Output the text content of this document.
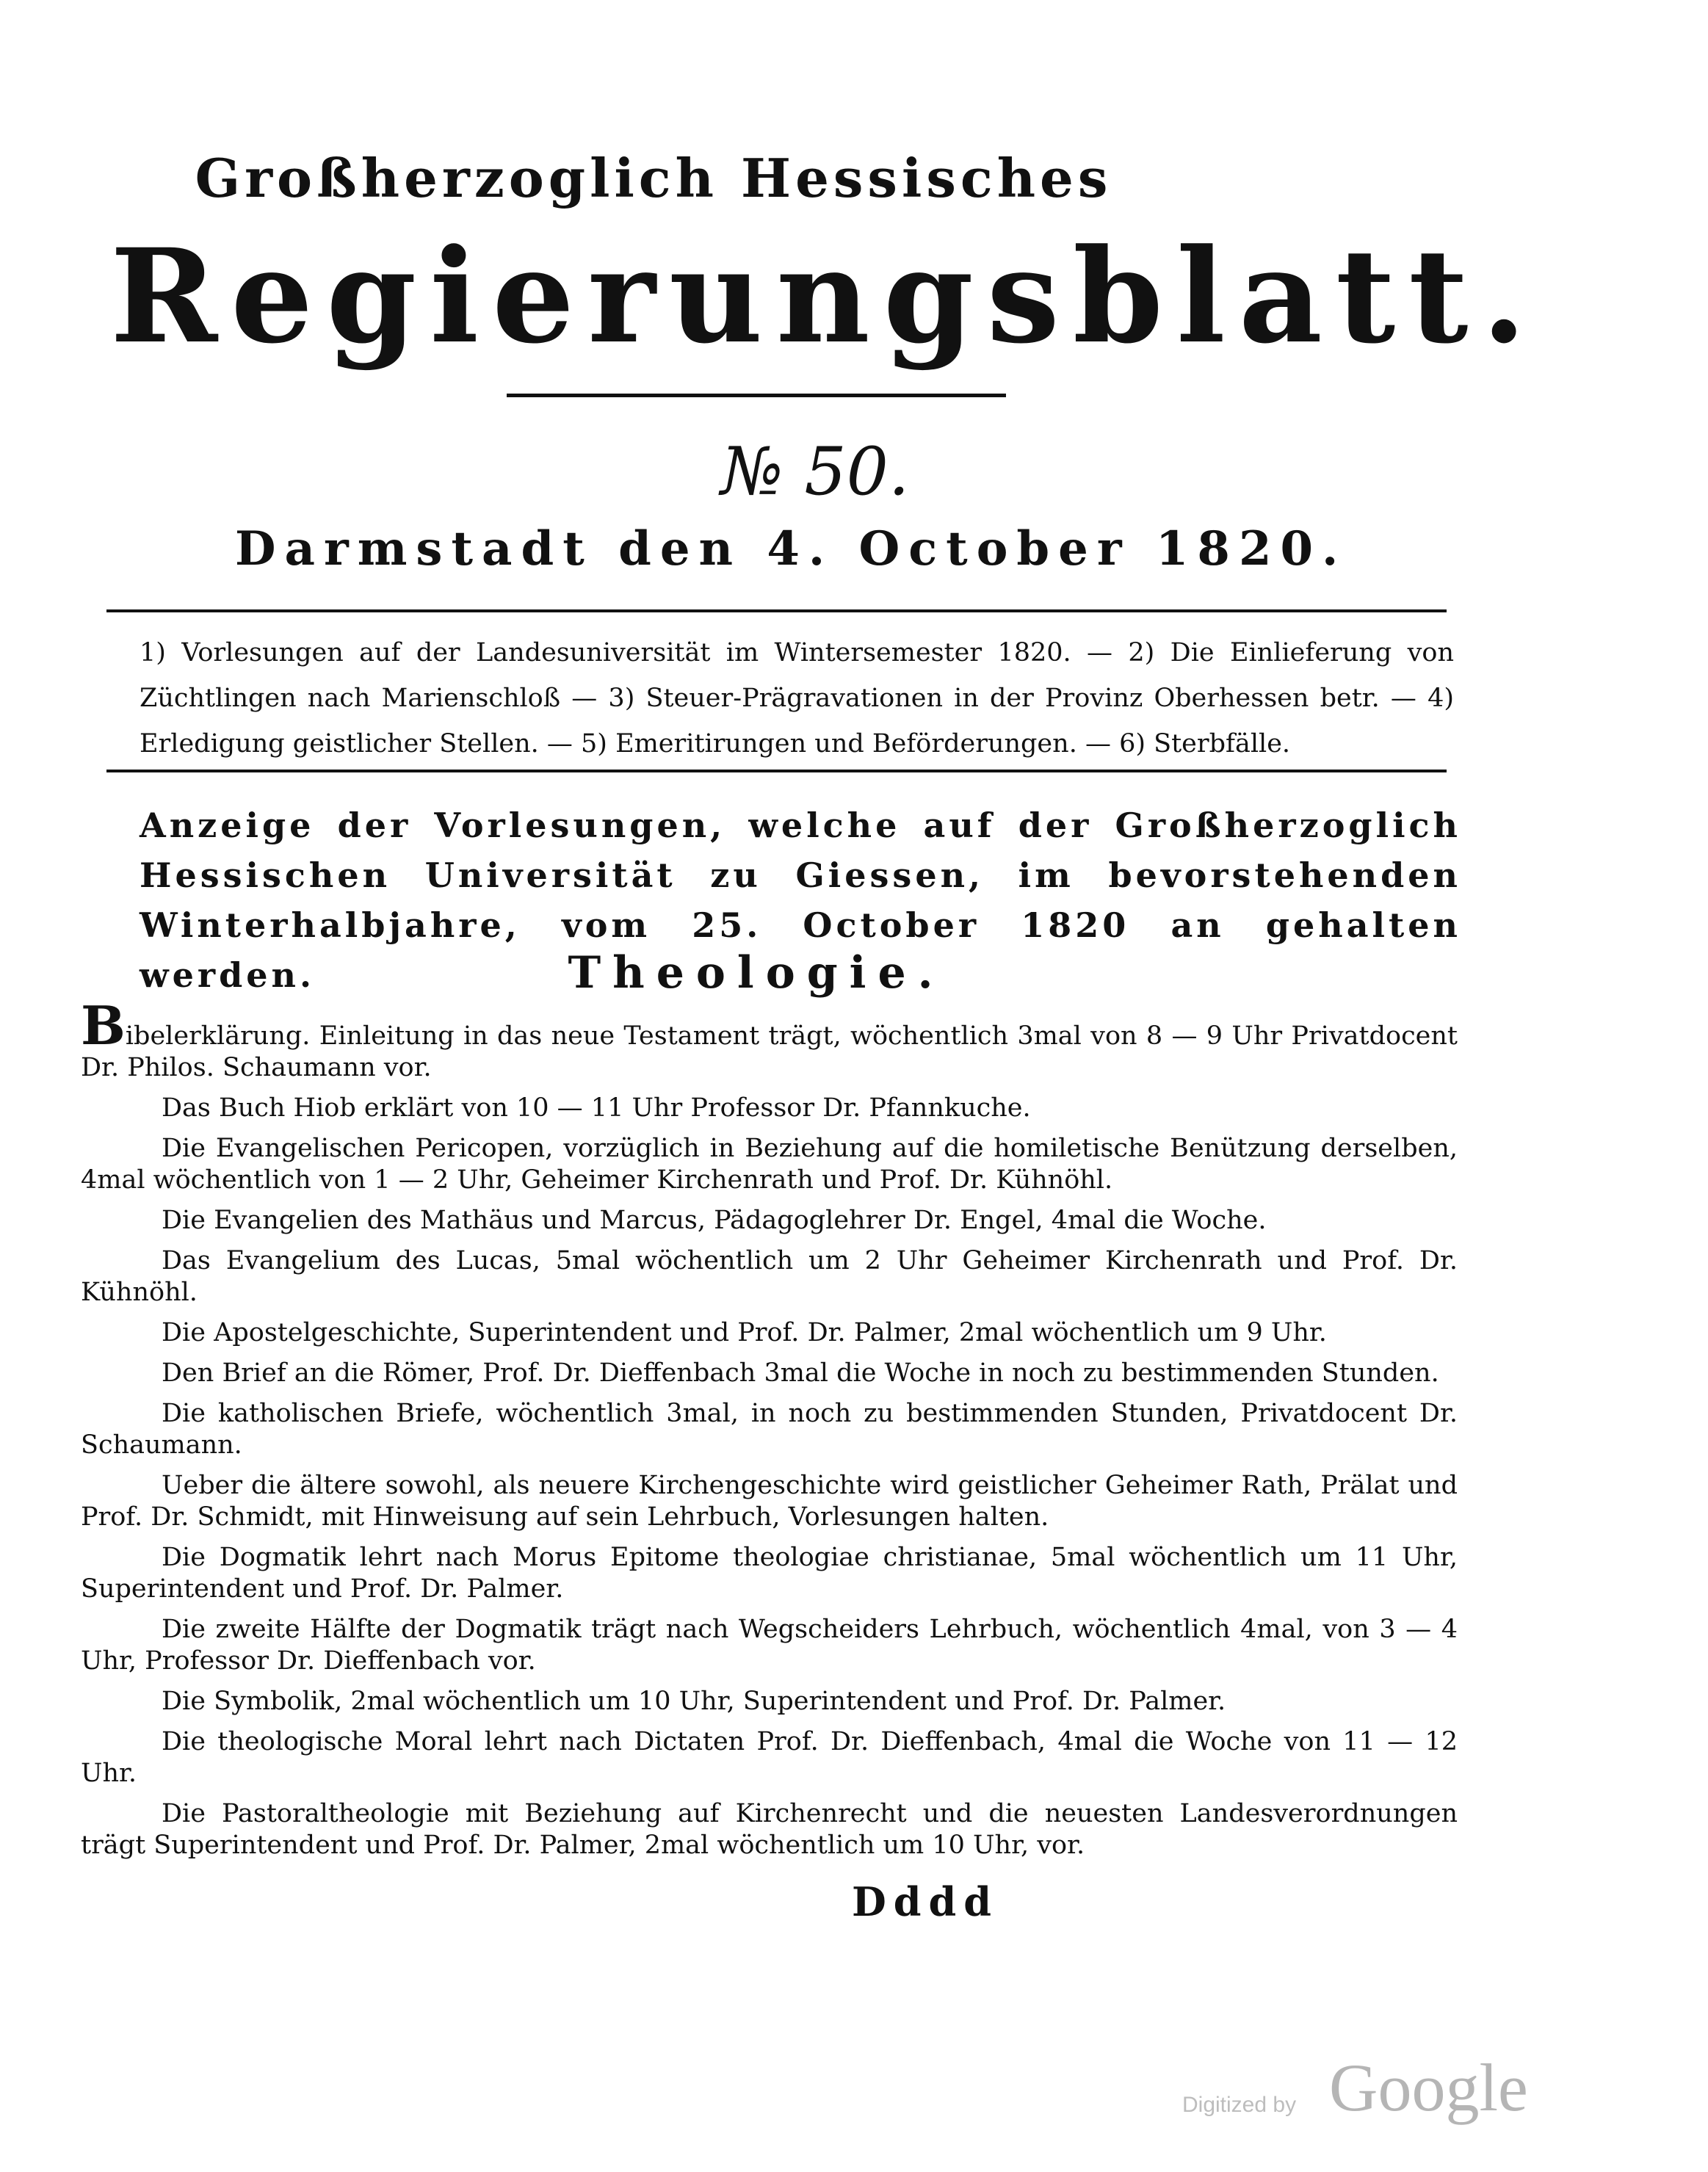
Großherzoglich Hessisches
Regierungsblatt.
№ 50.
Darmstadt den 4. October 1820.
1) Vorlesungen auf der Landesuniversität im Wintersemester 1820. — 2) Die Einlieferung von Züchtlingen nach Marienschloß — 3) Steuer-Prägravationen in der Provinz Oberhessen betr. — 4) Erledigung geistlicher Stellen. — 5) Emeritirungen und Beförderungen. — 6) Sterbfälle.
Anzeige der Vorlesungen, welche auf der Großherzoglich Hessischen Universität zu Giessen, im bevorstehenden Winterhalbjahre, vom 25. October 1820 an gehalten werden.	Theologie.

Bibelerklärung. Einleitung in das neue Testament trägt, wöchentlich 3mal von 8 — 9 Uhr Privatdocent Dr. Philos. Schaumann vor.

Das Buch Hiob erklärt von 10 — 11 Uhr Professor Dr. Pfannkuche.

Die Evangelischen Pericopen, vorzüglich in Beziehung auf die homiletische Benützung derselben, 4mal wöchentlich von 1 — 2 Uhr, Geheimer Kirchenrath und Prof. Dr. Kühnöhl.

Die Evangelien des Mathäus und Marcus, Pädagoglehrer Dr. Engel, 4mal die Woche.

Das Evangelium des Lucas, 5mal wöchentlich um 2 Uhr Geheimer Kirchenrath und Prof. Dr. Kühnöhl.

Die Apostelgeschichte, Superintendent und Prof. Dr. Palmer, 2mal wöchentlich um 9 Uhr.

Den Brief an die Römer, Prof. Dr. Dieffenbach 3mal die Woche in noch zu bestimmenden Stunden.

Die katholischen Briefe, wöchentlich 3mal, in noch zu bestimmenden Stunden, Privatdocent Dr. Schaumann.

Ueber die ältere sowohl, als neuere Kirchengeschichte wird geistlicher Geheimer Rath, Prälat und Prof. Dr. Schmidt, mit Hinweisung auf sein Lehrbuch, Vorlesungen halten.

Die Dogmatik lehrt nach Morus Epitome theologiae christianae, 5mal wöchentlich um 11 Uhr, Superintendent und Prof. Dr. Palmer.

Die zweite Hälfte der Dogmatik trägt nach Wegscheiders Lehrbuch, wöchentlich 4mal, von 3 — 4 Uhr, Professor Dr. Dieffenbach vor.

Die Symbolik, 2mal wöchentlich um 10 Uhr, Superintendent und Prof. Dr. Palmer.

Die theologische Moral lehrt nach Dictaten Prof. Dr. Dieffenbach, 4mal die Woche von 11 — 12 Uhr.

Die Pastoraltheologie mit Beziehung auf Kirchenrecht und die neuesten Landesverordnungen trägt Superintendent und Prof. Dr. Palmer, 2mal wöchentlich um 10 Uhr, vor.

Dddd
Digitized by Google
